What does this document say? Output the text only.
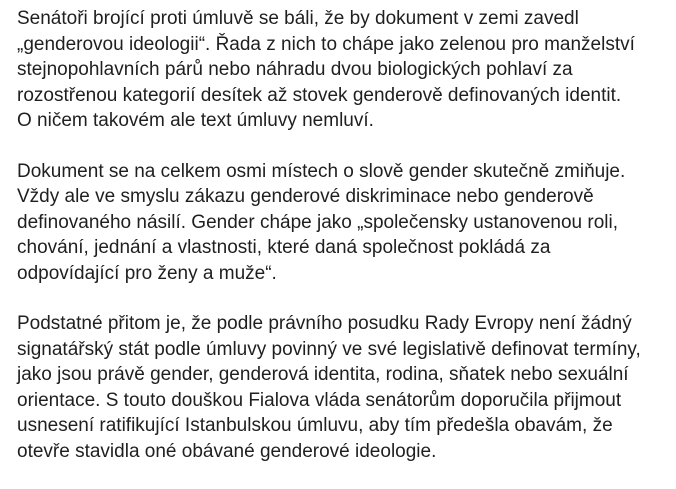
Senátoři brojící proti úmluvě se báli, že by dokument v zemi zavedl
„genderovou ideologii“. Řada z nich to chápe jako zelenou pro manželství
stejnopohlavních párů nebo náhradu dvou biologických pohlaví za
rozostřenou kategorií desítek až stovek genderově definovaných identit.
O ničem takovém ale text úmluvy nemluví.

Dokument se na celkem osmi místech o slově gender skutečně zmiňuje.
Vždy ale ve smyslu zákazu genderové diskriminace nebo genderově
definovaného násilí. Gender chápe jako „společensky ustanovenou roli,
chování, jednání a vlastnosti, které daná společnost pokládá za
odpovídající pro ženy a muže“.

Podstatné přitom je, že podle právního posudku Rady Evropy není žádný
signatářský stát podle úmluvy povinný ve své legislativě definovat termíny,
jako jsou právě gender, genderová identita, rodina, sňatek nebo sexuální
orientace. S touto douškou Fialova vláda senátorům doporučila přijmout
usnesení ratifikující Istanbulskou úmluvu, aby tím předešla obavám, že
otevře stavidla oné obávané genderové ideologie.
